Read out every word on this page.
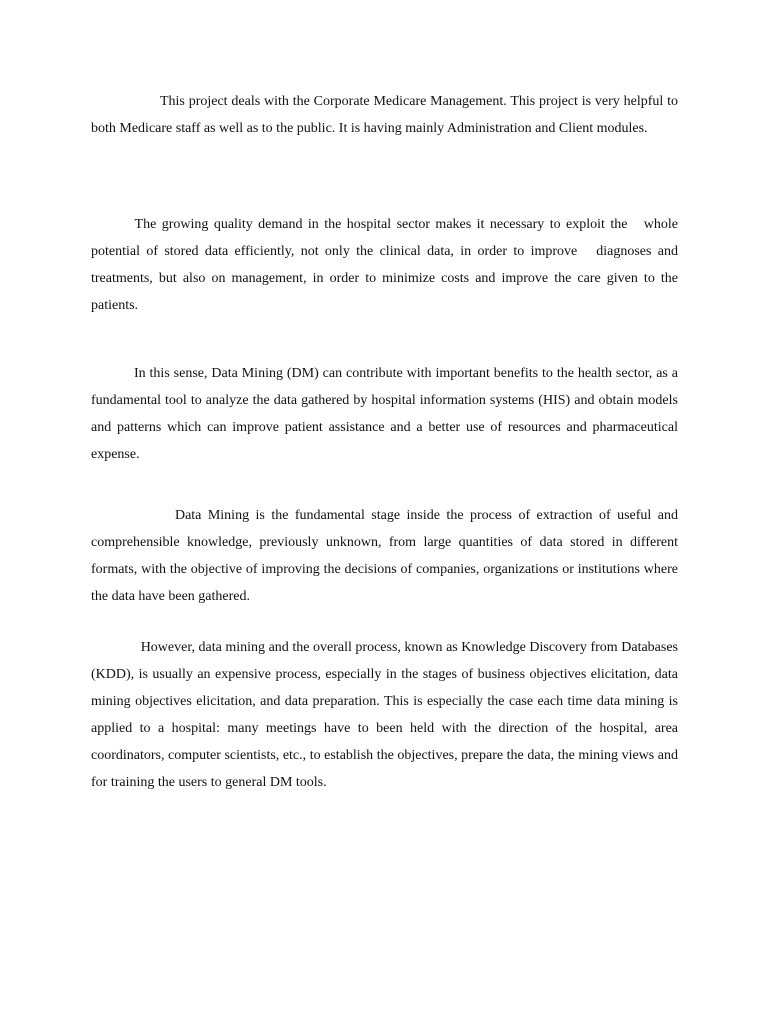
This project deals with the Corporate Medicare Management. This project is very helpful to both Medicare staff as well as to the public. It is having mainly Administration and Client modules.

The growing quality demand in the hospital sector makes it necessary to exploit the   whole potential of stored data efficiently, not only the clinical data, in order to improve   diagnoses and treatments, but also on management, in order to minimize costs and improve the care given to the patients.

In this sense, Data Mining (DM) can contribute with important benefits to the health sector, as a fundamental tool to analyze the data gathered by hospital information systems (HIS) and obtain models and patterns which can improve patient assistance and a better use of resources and pharmaceutical expense.

Data Mining is the fundamental stage inside the process of extraction of useful and comprehensible knowledge, previously unknown, from large quantities of data stored in different formats, with the objective of improving the decisions of companies, organizations or institutions where the data have been gathered.

However, data mining and the overall process, known as Knowledge Discovery from Databases (KDD), is usually an expensive process, especially in the stages of business objectives elicitation, data mining objectives elicitation, and data preparation. This is especially the case each time data mining is applied to a hospital: many meetings have to been held with the direction of the hospital, area coordinators, computer scientists, etc., to establish the objectives, prepare the data, the mining views and for training the users to general DM tools.
